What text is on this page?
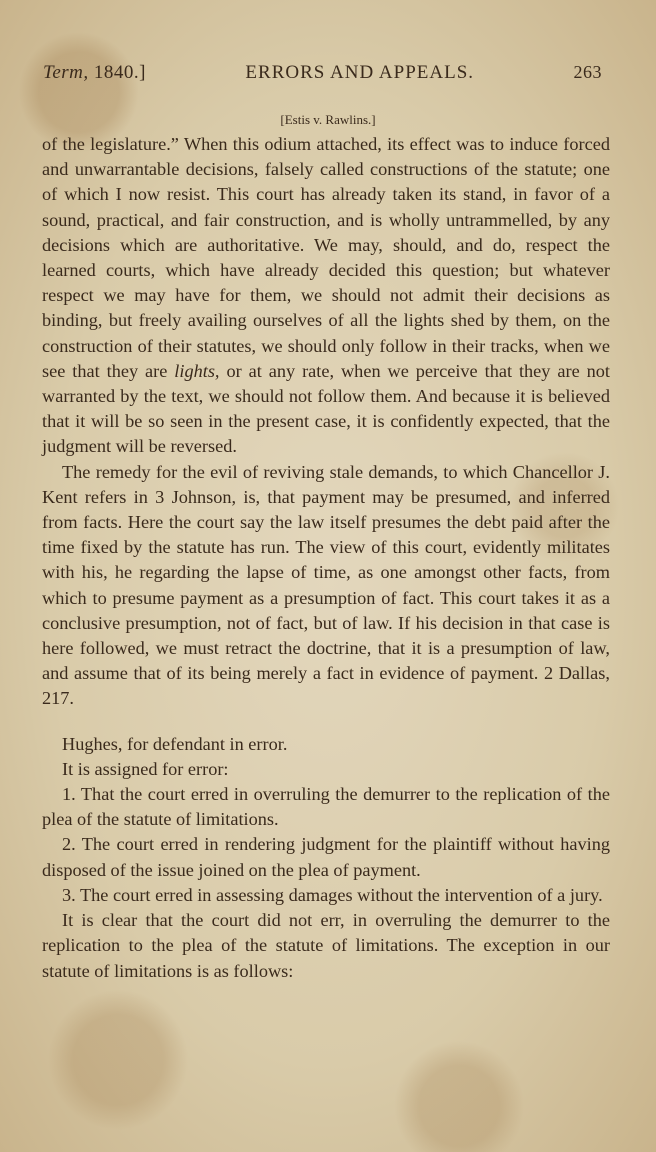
Term, 1840.]	ERRORS AND APPEALS.	263
[Estis v. Rawlins.]

of the legislature.” When this odium attached, its effect was to induce forced and unwarrantable decisions, falsely called constructions of the statute; one of which I now resist. This court has already taken its stand, in favor of a sound, practical, and fair construction, and is wholly untrammelled, by any decisions which are authoritative. We may, should, and do, respect the learned courts, which have already decided this question; but whatever respect we may have for them, we should not admit their decisions as binding, but freely availing ourselves of all the lights shed by them, on the construction of their statutes, we should only follow in their tracks, when we see that they are lights, or at any rate, when we perceive that they are not warranted by the text, we should not follow them. And because it is believed that it will be so seen in the present case, it is confidently expected, that the judgment will be reversed.

The remedy for the evil of reviving stale demands, to which Chancellor J. Kent refers in 3 Johnson, is, that payment may be presumed, and inferred from facts. Here the court say the law itself presumes the debt paid after the time fixed by the statute has run. The view of this court, evidently militates with his, he regarding the lapse of time, as one amongst other facts, from which to presume payment as a presumption of fact. This court takes it as a conclusive presumption, not of fact, but of law. If his decision in that case is here followed, we must retract the doctrine, that it is a presumption of law, and assume that of its being merely a fact in evidence of payment. 2 Dallas, 217.

Hughes, for defendant in error.

It is assigned for error:

1. That the court erred in overruling the demurrer to the replication of the plea of the statute of limitations.

2. The court erred in rendering judgment for the plaintiff without having disposed of the issue joined on the plea of payment.

3. The court erred in assessing damages without the intervention of a jury.

It is clear that the court did not err, in overruling the demurrer to the replication to the plea of the statute of limitations. The exception in our statute of limitations is as follows:
